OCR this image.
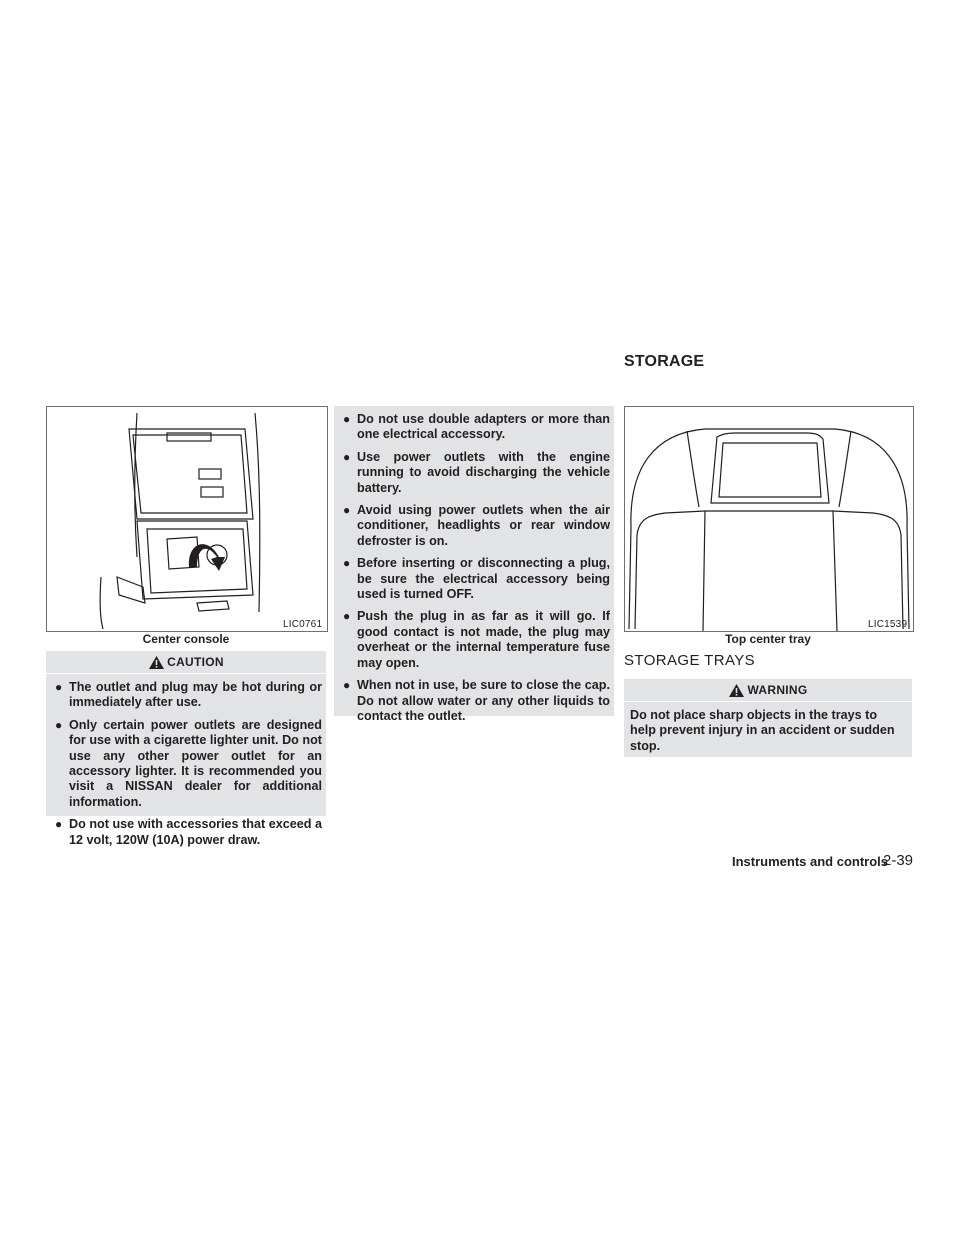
LIC0761
Center console
CAUTION
● The outlet and plug may be hot during or immediately after use.
● Only certain power outlets are designed for use with a cigarette lighter unit. Do not use any other power outlet for an accessory lighter. It is recommended you visit a NISSAN dealer for additional information.
● Do not use with accessories that exceed a 12 volt, 120W (10A) power draw.
● Do not use double adapters or more than one electrical accessory.
● Use power outlets with the engine running to avoid discharging the vehicle battery.
● Avoid using power outlets when the air conditioner, headlights or rear window defroster is on.
● Before inserting or disconnecting a plug, be sure the electrical accessory being used is turned OFF.
● Push the plug in as far as it will go. If good contact is not made, the plug may overheat or the internal temperature fuse may open.
● When not in use, be sure to close the cap. Do not allow water or any other liquids to contact the outlet.
STORAGE
LIC1539
Top center tray
STORAGE TRAYS
WARNING
Do not place sharp objects in the trays to help prevent injury in an accident or sudden stop.
Instruments and controls
2-39
